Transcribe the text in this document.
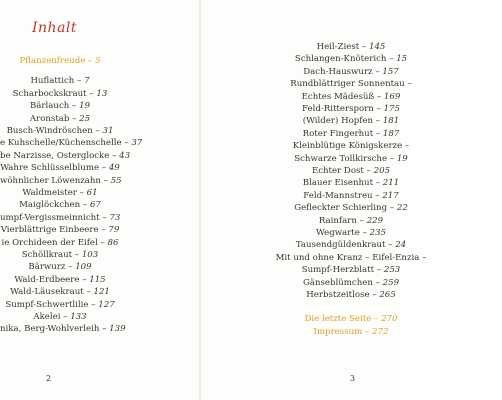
Inhalt
Pflanzenfreude – 5
Huflattich – 7
Scharbockskraut – 13
Bärlauch – 19
Aronstab – 25
Busch-Windröschen – 31
e Kuhschelle/Küchenschelle – 37
be Narzisse, Osterglocke – 43
Wahre Schlüsselblume – 49
wöhnlicher Löwenzahn – 55
Waldmeister – 61
Maiglöckchen – 67
umpf-Vergissmeinnicht – 73
Vierblättrige Einbeere – 79
ie Orchideen der Eifel – 86
Schöllkraut – 103
Bärwurz – 109
Wald-Erdbeere – 115
Wald-Läusekraut – 121
Sumpf-Schwertlilie – 127
Akelei – 133
nika, Berg-Wohlverleih – 139
2
Heil-Ziest – 145
Schlangen-Knöterich – 15
Dach-Hauswurz – 157
Rundblättriger Sonnentau –
Echtes Mädesüß – 169
Feld-Rittersporn – 175
(Wilder) Hopfen – 181
Roter Fingerhut – 187
Kleinblütige Königskerze –
Schwarze Tollkirsche – 19
Echter Dost – 205
Blauer Eisenhut – 211
Feld-Mannstreu – 217
Gefleckter Schierling – 22
Rainfarn – 229
Wegwarte – 235
Tausendgüldenkraut – 24
Mit und ohne Kranz – Eifel-Enzia –
Sumpf-Herzblatt – 253
Gänseblümchen – 259
Herbstzeitlose – 265
Die letzte Seite – 270
Impressum – 272
3
